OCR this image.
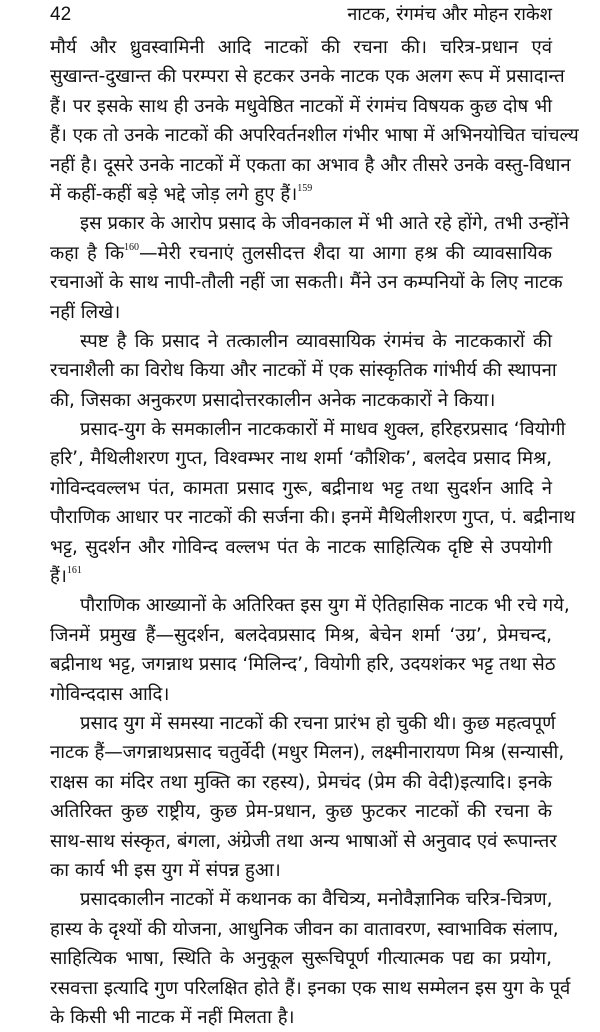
42	नाटक, रंगमंच और मोहन राकेश
मौर्य और ध्रुवस्वामिनी आदि नाटकों की रचना की। चरित्र-प्रधान एवं
सुखान्त-दुखान्त की परम्परा से हटकर उनके नाटक एक अलग रूप में प्रसादान्त
हैं। पर इसके साथ ही उनके मधुवेष्ठित नाटकों में रंगमंच विषयक कुछ दोष भी
हैं। एक तो उनके नाटकों की अपरिवर्तनशील गंभीर भाषा में अभिनयोचित चांचल्य
नहीं है। दूसरे उनके नाटकों में एकता का अभाव है और तीसरे उनके वस्तु-विधान
में कहीं-कहीं बड़े भद्दे जोड़ लगे हुए हैं।$^{159}$
इस प्रकार के आरोप प्रसाद के जीवनकाल में भी आते रहे होंगे, तभी उन्होंने
कहा है कि$^{160}$—मेरी रचनाएं तुलसीदत्त शैदा या आगा हश्र की व्यावसायिक
रचनाओं के साथ नापी-तौली नहीं जा सकती। मैंने उन कम्पनियों के लिए नाटक
नहीं लिखे।
स्पष्ट है कि प्रसाद ने तत्कालीन व्यावसायिक रंगमंच के नाटककारों की
रचनाशैली का विरोध किया और नाटकों में एक सांस्कृतिक गांभीर्य की स्थापना
की, जिसका अनुकरण प्रसादोत्तरकालीन अनेक नाटककारों ने किया।
प्रसाद-युग के समकालीन नाटककारों में माधव शुक्ल, हरिहरप्रसाद ‘वियोगी
हरि’, मैथिलीशरण गुप्त, विश्वम्भर नाथ शर्मा ‘कौशिक’, बलदेव प्रसाद मिश्र,
गोविन्दवल्लभ पंत, कामता प्रसाद गुरू, बद्रीनाथ भट्ट तथा सुदर्शन आदि ने
पौराणिक आधार पर नाटकों की सर्जना की। इनमें मैथिलीशरण गुप्त, पं. बद्रीनाथ
भट्ट, सुदर्शन और गोविन्द वल्लभ पंत के नाटक साहित्यिक दृष्टि से उपयोगी
हैं।$^{161}$
पौराणिक आख्यानों के अतिरिक्त इस युग में ऐतिहासिक नाटक भी रचे गये,
जिनमें प्रमुख हैं—सुदर्शन, बलदेवप्रसाद मिश्र, बेचेन शर्मा ‘उग्र’, प्रेमचन्द,
बद्रीनाथ भट्ट, जगन्नाथ प्रसाद ‘मिलिन्द’, वियोगी हरि, उदयशंकर भट्ट तथा सेठ
गोविन्ददास आदि।
प्रसाद युग में समस्या नाटकों की रचना प्रारंभ हो चुकी थी। कुछ महत्वपूर्ण
नाटक हैं—जगन्नाथप्रसाद चतुर्वेदी (मधुर मिलन), लक्ष्मीनारायण मिश्र (सन्यासी,
राक्षस का मंदिर तथा मुक्ति का रहस्य), प्रेमचंद (प्रेम की वेदी)इत्यादि। इनके
अतिरिक्त कुछ राष्ट्रीय, कुछ प्रेम-प्रधान, कुछ फुटकर नाटकों की रचना के
साथ-साथ संस्कृत, बंगला, अंग्रेजी तथा अन्य भाषाओं से अनुवाद एवं रूपान्तर
का कार्य भी इस युग में संपन्न हुआ।
प्रसादकालीन नाटकों में कथानक का वैचित्र्य, मनोवैज्ञानिक चरित्र-चित्रण,
हास्य के दृश्यों की योजना, आधुनिक जीवन का वातावरण, स्वाभाविक संलाप,
साहित्यिक भाषा, स्थिति के अनुकूल सुरूचिपूर्ण गीत्यात्मक पद्य का प्रयोग,
रसवत्ता इत्यादि गुण परिलक्षित होते हैं। इनका एक साथ सम्मेलन इस युग के पूर्व
के किसी भी नाटक में नहीं मिलता है।
